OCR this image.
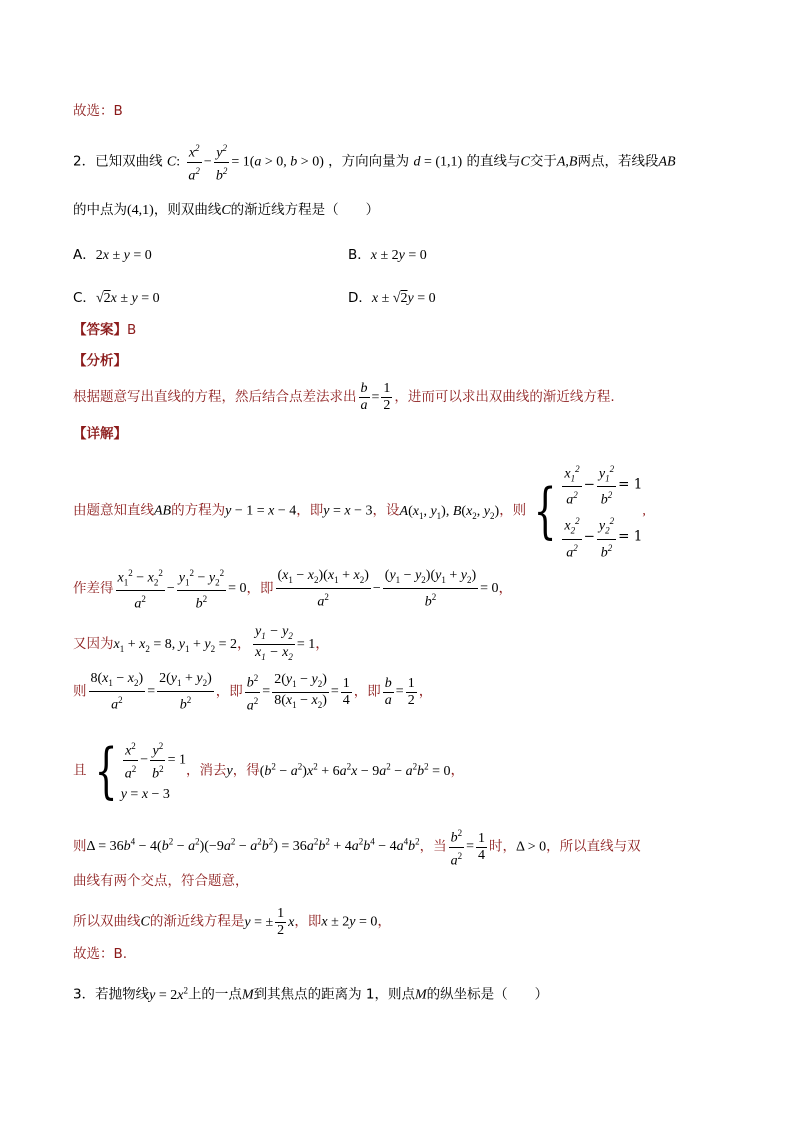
故选：B
2．已知双曲线 C: $\frac{x^2}{a^2} - \frac{y^2}{b^2} = 1(a > 0$, b > 0) ，方向向量为 d = (1,1) 的直线与C交于A,B两点，若线段AB
的中点为(4,1)，则双曲线C的渐近线方程是（　　）
A．2x ± y = 0	B．x ± 2y = 0
C．√2x ± y = 0	D．x ± √2y = 0
【答案】B
【分析】
根据题意写出直线的方程，然后结合点差法求出 $\frac{b}{a} = \frac{1}{2}$ ，进而可以求出双曲线的渐近线方程.
【详解】
由题意知直线AB的方程为y − 1 = x − 4，即y = x − 3，设$A(x_1$, $y_1$), $B(x_2$, $y_2$)，则 { $\frac{x_1^2}{a^2} - \frac{y_1^2}{b^2} = 1$
$\frac{x_2^2}{a^2} - \frac{y_2^2}{b^2} = 1$
,
作差得 $\frac{x_1^2 - x_2^2}{a^2} - \frac{y_1^2 - y_2^2}{b^2} = 0$，即 $\frac{(x_1 - x_2)(x_1 + x_2)}{a^2} - \frac{(y_1 - y_2)(y_1 + y_2)}{b^2} = 0$，
又因为$x_1 + x_2 = 8$, $y_1 + y_2 = 2$， $\frac{y_1 - y_2}{x_1 - x_2} = 1$，
则 $\frac{8(x_1 - x_2)}{a^2} = \frac{2(y_1 + y_2)}{b^2}$ ，即 $\frac{b^2}{a^2} = \frac{2(y_1 - y_2)}{8(x_1 - x_2)} = \frac{1}{4}$ ，即 $\frac{b}{a} = \frac{1}{2}$ ，
且 { $\frac{x^2}{a^2} - \frac{y^2}{b^2} = 1$
y = x − 3
，消去y，得$(b^2 - a^2)x^2 + 6a^2x - 9a^2 - a^2b^2 = 0$，
则$\Delta = 36b^4 - 4(b^2 - a^2)(-9a^2 - a^2b^2) = 36a^2b^2 + 4a^2b^4 - 4a^4b^2$，当 $\frac{b^2}{a^2} = \frac{1}{4}$ 时，Δ > 0，所以直线与双
曲线有两个交点，符合题意，
所以双曲线C的渐近线方程是y = ± $\frac{1}{2}$ x，即x ± 2y = 0，
故选：B.
3．若抛物线$y = 2x^2$上的一点M到其焦点的距离为 1，则点M的纵坐标是（　　）
